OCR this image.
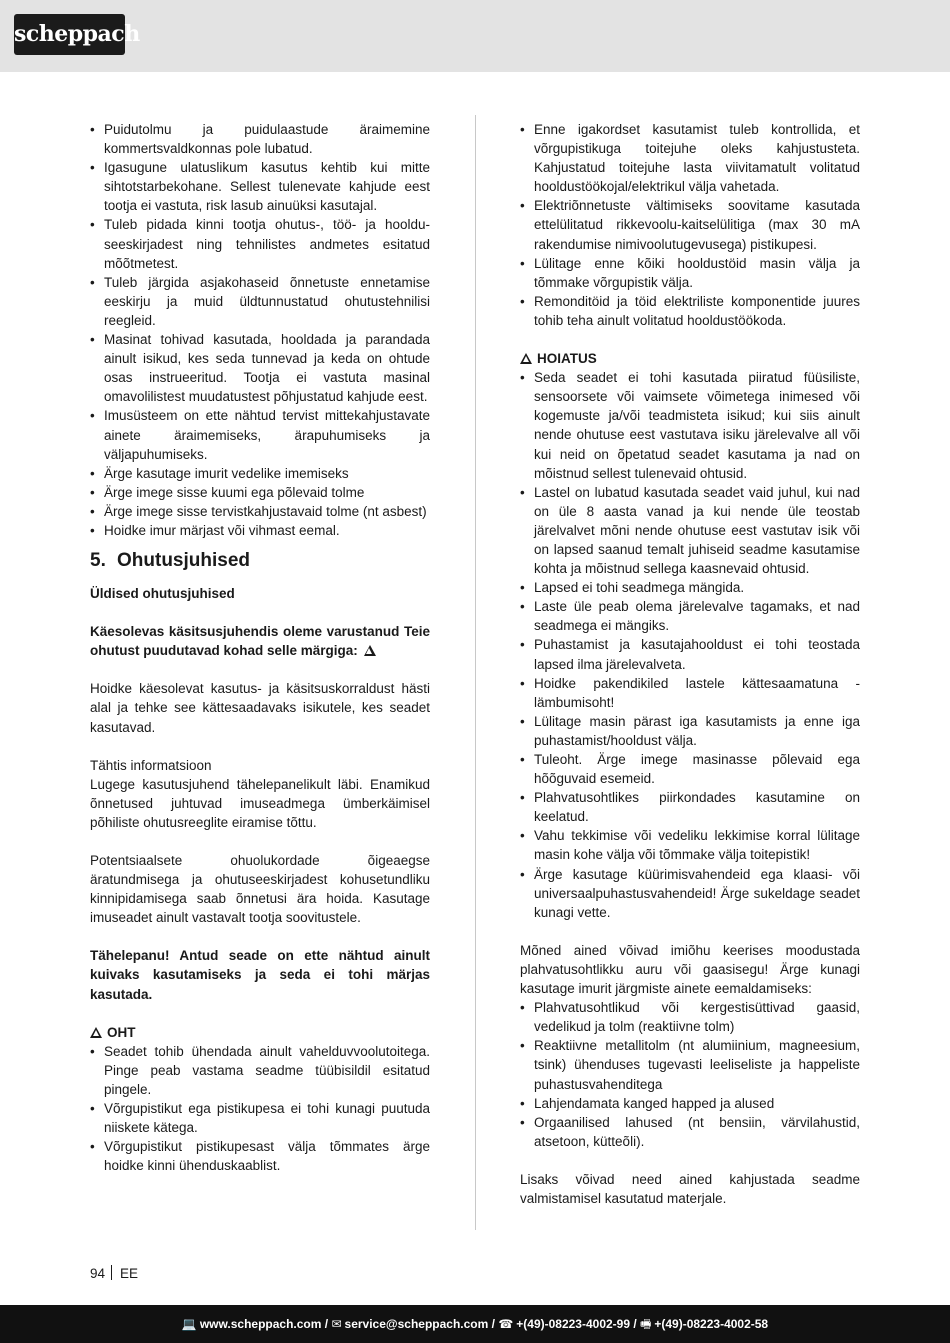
scheppach
• Puidutolmu ja puidulaastude äraimemine kommertsvaldkonnas pole lubatud.
• Igasugune ulatuslikum kasutus kehtib kui mitte sihtotstarbekohane. Sellest tulenevate kahjude eest tootja ei vastuta, risk lasub ainuüksi kasutajal.
• Tuleb pidada kinni tootja ohutus-, töö- ja hoolduseeskirjadest ning tehnilistes andmetes esitatud mõõtmetest.
• Tuleb järgida asjakohaseid õnnetuste ennetamise eeskirju ja muid üldtunnustatud ohutustehnilisi reegleid.
• Masinat tohivad kasutada, hooldada ja parandada ainult isikud, kes seda tunnevad ja keda on ohtude osas instrueeritud. Tootja ei vastuta masinal omavolilistest muudatustest põhjustatud kahjude eest.
• Imusüsteem on ette nähtud tervist mittekahjustavate ainete äraimemiseks, ärapuhumiseks ja väljapuhumiseks.
• Ärge kasutage imurit vedelike imemiseks
• Ärge imege sisse kuumi ega põlevaid tolme
• Ärge imege sisse tervistkahjustavaid tolme (nt asbest)
• Hoidke imur märjast või vihmast eemal.
5. Ohutusjuhised

Üldised ohutusjuhised

Käesolevas käsitsusjuhendis oleme varustanud Teie ohutust puudutavad kohad selle märgiga:

Hoidke käesolevat kasutus- ja käsitsuskorraldust hästi alal ja tehke see kättesaadavaks isikutele, kes seadet kasutavad.

Tähtis informatsioon

Lugege kasutusjuhend tähelepanelikult läbi. Enamikud õnnetused juhtuvad imuseadmega ümberkäimisel põhiliste ohutusreeglite eiramise tõttu.

Potentsiaalsete ohuolukordade õigeaegse äratundmisega ja ohutuseeskirjadest kohusetundliku kinnipidamisega saab õnnetusi ära hoida. Kasutage imuseadet ainult vastavalt tootja soovitustele.

Tähelepanu! Antud seade on ette nähtud ainult kuivaks kasutamiseks ja seda ei tohi märjas kasutada.

OHT

• Seadet tohib ühendada ainult vahelduvvoolutoitega. Pinge peab vastama seadme tüübisildil esitatud pingele.
• Võrgupistikut ega pistikupesa ei tohi kunagi puutuda niiskete kätega.
• Võrgupistikut pistikupesast välja tõmmates ärge hoidke kinni ühenduskaablist.
• Enne igakordset kasutamist tuleb kontrollida, et võrgupistikuga toitejuhe oleks kahjustusteta. Kahjustatud toitejuhe lasta viivitamatult volitatud hooldustöökojal/elektrikul välja vahetada.
• Elektriõnnetuste vältimiseks soovitame kasutada ettelülitatud rikkevoolu-kaitselülitiga (max 30 mA rakendumise nimivoolutugevusega) pistikupesi.
• Lülitage enne kõiki hooldustöid masin välja ja tõmmake võrgupistik välja.
• Remonditöid ja töid elektriliste komponentide juures tohib teha ainult volitatud hooldustöökoda.

HOIATUS

• Seda seadet ei tohi kasutada piiratud füüsiliste, sensoorsete või vaimsete võimetega inimesed või kogemuste ja/või teadmisteta isikud; kui siis ainult nende ohutuse eest vastutava isiku järelevalve all või kui neid on õpetatud seadet kasutama ja nad on mõistnud sellest tulenevaid ohtusid.
• Lastel on lubatud kasutada seadet vaid juhul, kui nad on üle 8 aasta vanad ja kui nende üle teostab järelvalvet mõni nende ohutuse eest vastutav isik või on lapsed saanud temalt juhiseid seadme kasutamise kohta ja mõistnud sellega kaasnevaid ohtusid.
• Lapsed ei tohi seadmega mängida.
• Laste üle peab olema järelevalve tagamaks, et nad seadmega ei mängiks.
• Puhastamist ja kasutajahooldust ei tohi teostada lapsed ilma järelevalveta.
• Hoidke pakendikiled lastele kättesaamatuna - lämbumisoht!
• Lülitage masin pärast iga kasutamists ja enne iga puhastamist/hooldust välja.
• Tuleoht. Ärge imege masinasse põlevaid ega hõõguvaid esemeid.
• Plahvatusohtlikes piirkondades kasutamine on keelatud.
• Vahu tekkimise või vedeliku lekkimise korral lülitage masin kohe välja või tõmmake välja toitepistik!
• Ärge kasutage küürimisvahendeid ega klaasi- või universaalpuhastusvahendeid! Ärge sukeldage seadet kunagi vette.

Mõned ained võivad imiõhu keerises moodustada plahvatusohtlikku auru või gaasisegu! Ärge kunagi kasutage imurit järgmiste ainete eemaldamiseks:

• Plahvatusohtlikud või kergestisüttivad gaasid, vedelikud ja tolm (reaktiivne tolm)
• Reaktiivne metallitolm (nt alumiinium, magneesium, tsink) ühenduses tugevasti leeliseliste ja happeliste puhastusvahenditega
• Lahjendamata kanged happed ja alused
• Orgaanilised lahused (nt bensiin, värvilahustid, atsetoon, kütteõli).

Lisaks võivad need ained kahjustada seadme valmistamisel kasutatud materjale.

94 EE
💻 www.scheppach.com / ✉ service@scheppach.com / ☎ +(49)-08223-4002-99 / 🖷 +(49)-08223-4002-58
